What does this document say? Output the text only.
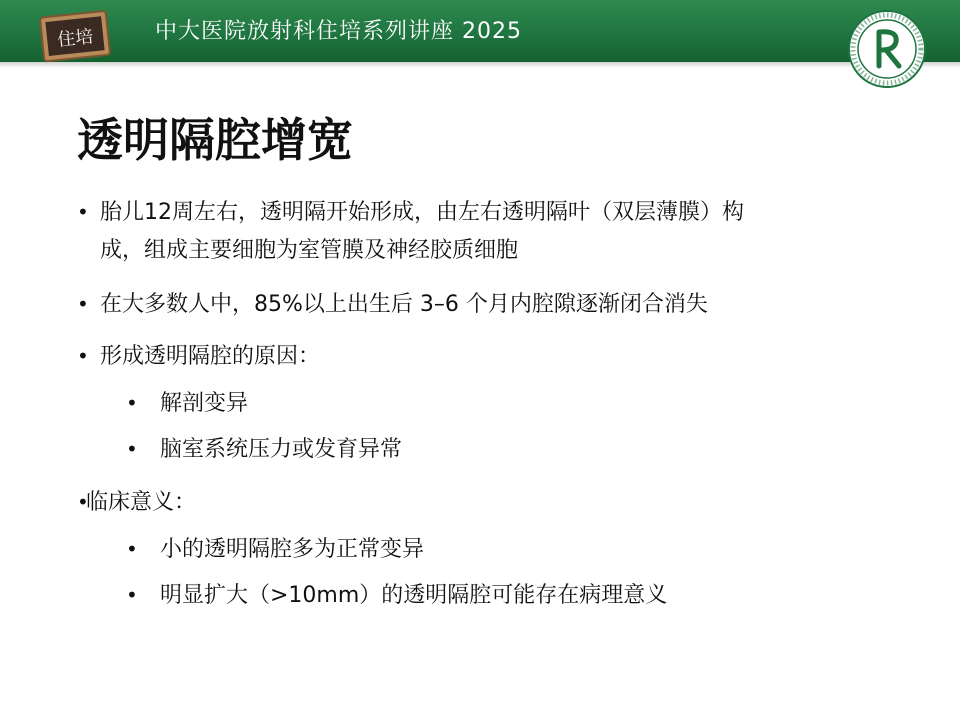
中大医院放射科住培系列讲座 2025
住培
透明隔腔增宽
• 胎儿12周左右，透明隔开始形成，由左右透明隔叶（双层薄膜）构
成，组成主要细胞为室管膜及神经胶质细胞
• 在大多数人中，85%以上出生后 3–6 个月内腔隙逐渐闭合消失
• 形成透明隔腔的原因：
• 解剖变异
• 脑室系统压力或发育异常
•
临床意义：
• 小的透明隔腔多为正常变异
• 明显扩大（>10mm）的透明隔腔可能存在病理意义
